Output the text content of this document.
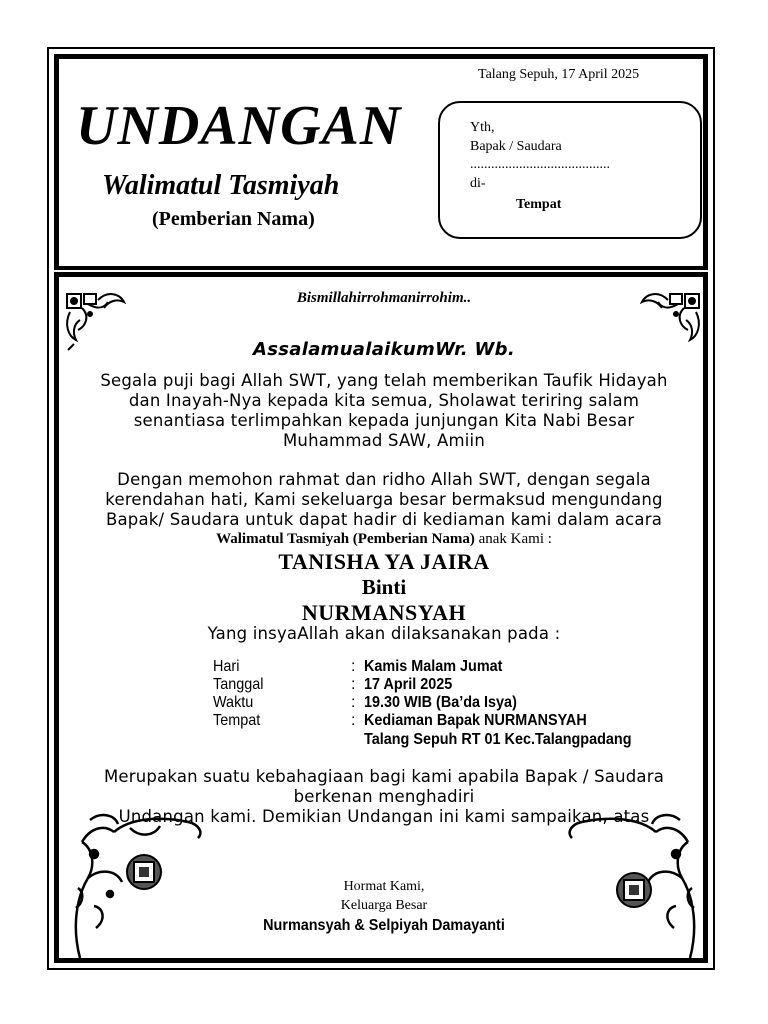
Talang Sepuh, 17 April 2025
UNDANGAN
Walimatul Tasmiyah
(Pemberian Nama)
Yth,
Bapak / Saudara
........................................
di-
Tempat
Bismillahirrohmanirrohim..
AssalamualaikumWr. Wb.
Segala puji bagi Allah SWT, yang telah memberikan Taufik Hidayah
dan Inayah-Nya kepada kita semua, Sholawat teriring salam
senantiasa terlimpahkan kepada junjungan Kita Nabi Besar
Muhammad SAW, Amiin
Dengan memohon rahmat dan ridho Allah SWT, dengan segala
kerendahan hati, Kami sekeluarga besar bermaksud mengundang
Bapak/ Saudara untuk dapat hadir di kediaman kami dalam acara
Walimatul Tasmiyah (Pemberian Nama) anak Kami :
TANISHA YA JAIRA
Binti
NURMANSYAH
Yang insyaAllah akan dilaksanakan pada :
Hari	: Kamis Malam Jumat
Tanggal	: 17 April 2025
Waktu	: 19.30 WIB (Ba’da Isya)
Tempat	: Kediaman Bapak NURMANSYAH
Talang Sepuh RT 01 Kec.Talangpadang
Merupakan suatu kebahagiaan bagi kami apabila Bapak / Saudara
berkenan menghadiri
Undangan kami. Demikian Undangan ini kami sampaikan, atas
Hormat Kami,
Keluarga Besar
Nurmansyah & Selpiyah Damayanti
